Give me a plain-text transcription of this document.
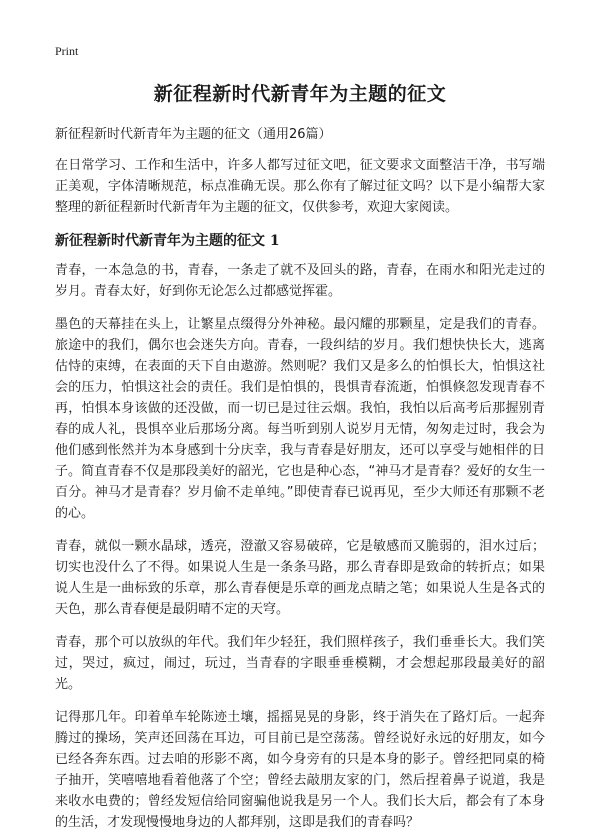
Print
新征程新时代新青年为主题的征文
新征程新时代新青年为主题的征文（通用26篇）

在日常学习、工作和生活中，许多人都写过征文吧，征文要求文面整洁干净，书写端正美观，字体清晰规范，标点准确无误。那么你有了解过征文吗？以下是小编帮大家整理的新征程新时代新青年为主题的征文，仅供参考，欢迎大家阅读。

新征程新时代新青年为主题的征文 1

青春，一本急急的书，青春，一条走了就不及回头的路，青春，在雨水和阳光走过的岁月。青春太好，好到你无论怎么过都感觉挥霍。

墨色的天幕挂在头上，让繁星点缀得分外神秘。最闪耀的那颗星，定是我们的青春。旅途中的我们，偶尔也会迷失方向。青春，一段纠结的岁月。我们想快快长大，逃离估恃的束缚，在表面的天下自由遨游。然则呢？我们又是多么的怕惧长大，怕惧这社会的压力，怕惧这社会的责任。我们是怕惧的，畏惧青春流逝，怕惧倏忽发现青春不再，怕惧本身该做的还没做，而一切已是过往云烟。我怕，我怕以后高考后那握别青春的成人礼，畏惧卒业后那场分离。每当听到别人说岁月无情，匆匆走过时，我会为他们感到怅然并为本身感到十分庆幸，我与青春是好朋友，还可以享受与她相伴的日子。简直青春不仅是那段美好的韶光，它也是种心态，“神马才是青春？爱好的女生一百分。神马才是青春？岁月偷不走单纯。”即使青春已说再见，至少大师还有那颗不老的心。

青春，就似一颗水晶球，透亮，澄澈又容易破碎，它是敏感而又脆弱的，泪水过后；切实也没什么了不得。如果说人生是一条条马路，那么青春即是致命的转折点；如果说人生是一曲标致的乐章，那么青春便是乐章的画龙点睛之笔；如果说人生是各式的天色，那么青春便是最阴晴不定的天穹。

青春，那个可以放纵的年代。我们年少轻狂，我们照样孩子，我们垂垂长大。我们笑过，哭过，疯过，闹过，玩过，当青春的字眼垂垂模糊，才会想起那段最美好的韶光。

记得那几年。印着单车轮陈迹土壤，摇摇晃晃的身影，终于消失在了路灯后。一起奔腾过的操场，笑声还回荡在耳边，可目前已是空荡荡。曾经说好永远的好朋友，如今已经各奔东西。过去咱的形影不离，如今身旁有的只是本身的影子。曾经把同桌的椅子抽开，笑嘻嘻地看着他落了个空；曾经去敲朋友家的门，然后捏着鼻子说道，我是来收水电费的；曾经发短信给同窗骗他说我是另一个人。我们长大后，都会有了本身的生活，才发现慢慢地身边的人都拜别，这即是我们的青春吗？
